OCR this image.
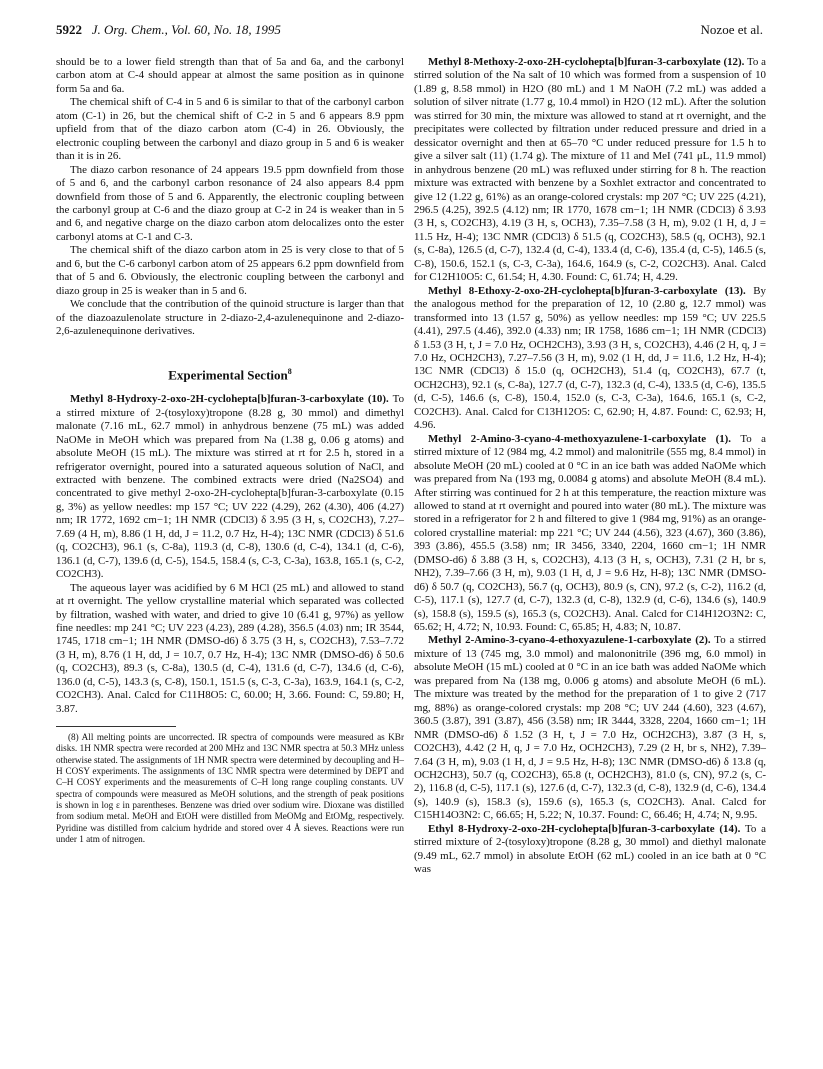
5922 J. Org. Chem., Vol. 60, No. 18, 1995	Nozoe et al.

should be to a lower field strength than that of 5a and 6a, and the carbonyl carbon atom at C-4 should appear at almost the same position as in quinone form 5a and 6a.

The chemical shift of C-4 in 5 and 6 is similar to that of the carbonyl carbon atom (C-1) in 26, but the chemical shift of C-2 in 5 and 6 appears 8.9 ppm upfield from that of the diazo carbon atom (C-4) in 26. Obviously, the electronic coupling between the carbonyl and diazo group in 5 and 6 is weaker than it is in 26.

The diazo carbon resonance of 24 appears 19.5 ppm downfield from those of 5 and 6, and the carbonyl carbon resonance of 24 also appears 8.4 ppm downfield from those of 5 and 6. Apparently, the electronic coupling between the carbonyl group at C-6 and the diazo group at C-2 in 24 is weaker than in 5 and 6, and negative charge on the diazo carbon atom delocalizes onto the ester carbonyl atoms at C-1 and C-3.

The chemical shift of the diazo carbon atom in 25 is very close to that of 5 and 6, but the C-6 carbonyl carbon atom of 25 appears 6.2 ppm downfield from that of 5 and 6. Obviously, the electronic coupling between the carbonyl and diazo group in 25 is weaker than in 5 and 6.

We conclude that the contribution of the quinoid structure is larger than that of the diazoazulenolate structure in 2-diazo-2,4-azulenequinone and 2-diazo-2,6-azulenequinone derivatives.

Experimental Section$^8$

Methyl 8-Hydroxy-2-oxo-2H-cyclohepta[b]furan-3-carboxylate (10). To a stirred mixture of 2-(tosyloxy)tropone (8.28 g, 30 mmol) and dimethyl malonate (7.16 mL, 62.7 mmol) in anhydrous benzene (75 mL) was added NaOMe in MeOH which was prepared from Na (1.38 g, 0.06 g atoms) and absolute MeOH (15 mL). The mixture was stirred at rt for 2.5 h, stored in a refrigerator overnight, poured into a saturated aqueous solution of NaCl, and extracted with benzene. The combined extracts were dried (Na2SO4) and concentrated to give methyl 2-oxo-2H-cyclohepta[b]furan-3-carboxylate (0.15 g, 3%) as yellow needles: mp 157 °C; UV 222 (4.29), 262 (4.30), 406 (4.27) nm; IR 1772, 1692 cm−1; 1H NMR (CDCl3) δ 3.95 (3 H, s, CO2CH3), 7.27–7.69 (4 H, m), 8.86 (1 H, dd, J = 11.2, 0.7 Hz, H-4); 13C NMR (CDCl3) δ 51.6 (q, CO2CH3), 96.1 (s, C-8a), 119.3 (d, C-8), 130.6 (d, C-4), 134.1 (d, C-6), 136.1 (d, C-7), 139.6 (d, C-5), 154.5, 158.4 (s, C-3, C-3a), 163.8, 165.1 (s, C-2, CO2CH3).

The aqueous layer was acidified by 6 M HCl (25 mL) and allowed to stand at rt overnight. The yellow crystalline material which separated was collected by filtration, washed with water, and dried to give 10 (6.41 g, 97%) as yellow fine needles: mp 241 °C; UV 223 (4.23), 289 (4.28), 356.5 (4.03) nm; IR 3544, 1745, 1718 cm−1; 1H NMR (DMSO-d6) δ 3.75 (3 H, s, CO2CH3), 7.53–7.72 (3 H, m), 8.76 (1 H, dd, J = 10.7, 0.7 Hz, H-4); 13C NMR (DMSO-d6) δ 50.6 (q, CO2CH3), 89.3 (s, C-8a), 130.5 (d, C-4), 131.6 (d, C-7), 134.6 (d, C-6), 136.0 (d, C-5), 143.3 (s, C-8), 150.1, 151.5 (s, C-3, C-3a), 163.9, 164.1 (s, C-2, CO2CH3). Anal. Calcd for C11H8O5: C, 60.00; H, 3.66. Found: C, 59.80; H, 3.87.

(8) All melting points are uncorrected. IR spectra of compounds were measured as KBr disks. 1H NMR spectra were recorded at 200 MHz and 13C NMR spectra at 50.3 MHz unless otherwise stated. The assignments of 1H NMR spectra were determined by decoupling and H–H COSY experiments. The assignments of 13C NMR spectra were determined by DEPT and C–H COSY experiments and the measurements of C–H long range coupling constants. UV spectra of compounds were measured as MeOH solutions, and the strength of peak positions is shown in log ε in parentheses. Benzene was dried over sodium wire. Dioxane was distilled from sodium metal. MeOH and EtOH were distilled from MeOMg and EtOMg, respectively. Pyridine was distilled from calcium hydride and stored over 4 Å sieves. Reactions were run under 1 atm of nitrogen.

Methyl 8-Methoxy-2-oxo-2H-cyclohepta[b]furan-3-carboxylate (12). To a stirred solution of the Na salt of 10 which was formed from a suspension of 10 (1.89 g, 8.58 mmol) in H2O (80 mL) and 1 M NaOH (7.2 mL) was added a solution of silver nitrate (1.77 g, 10.4 mmol) in H2O (12 mL). After the solution was stirred for 30 min, the mixture was allowed to stand at rt overnight, and the precipitates were collected by filtration under reduced pressure and dried in a dessicator overnight and then at 65–70 °C under reduced pressure for 1.5 h to give a silver salt (11) (1.74 g). The mixture of 11 and MeI (741 μL, 11.9 mmol) in anhydrous benzene (20 mL) was refluxed under stirring for 8 h. The reaction mixture was extracted with benzene by a Soxhlet extractor and concentrated to give 12 (1.22 g, 61%) as an orange-colored crystals: mp 207 °C; UV 225 (4.21), 296.5 (4.25), 392.5 (4.12) nm; IR 1770, 1678 cm−1; 1H NMR (CDCl3) δ 3.93 (3 H, s, CO2CH3), 4.19 (3 H, s, OCH3), 7.35–7.58 (3 H, m), 9.02 (1 H, d, J = 11.5 Hz, H-4); 13C NMR (CDCl3) δ 51.5 (q, CO2CH3), 58.5 (q, OCH3), 92.1 (s, C-8a), 126.5 (d, C-7), 132.4 (d, C-4), 133.4 (d, C-6), 135.4 (d, C-5), 146.5 (s, C-8), 150.6, 152.1 (s, C-3, C-3a), 164.6, 164.9 (s, C-2, CO2CH3). Anal. Calcd for C12H10O5: C, 61.54; H, 4.30. Found: C, 61.74; H, 4.29.

Methyl 8-Ethoxy-2-oxo-2H-cyclohepta[b]furan-3-carboxylate (13). By the analogous method for the preparation of 12, 10 (2.80 g, 12.7 mmol) was transformed into 13 (1.57 g, 50%) as yellow needles: mp 159 °C; UV 225.5 (4.41), 297.5 (4.46), 392.0 (4.33) nm; IR 1758, 1686 cm−1; 1H NMR (CDCl3) δ 1.53 (3 H, t, J = 7.0 Hz, OCH2CH3), 3.93 (3 H, s, CO2CH3), 4.46 (2 H, q, J = 7.0 Hz, OCH2CH3), 7.27–7.56 (3 H, m), 9.02 (1 H, dd, J = 11.6, 1.2 Hz, H-4); 13C NMR (CDCl3) δ 15.0 (q, OCH2CH3), 51.4 (q, CO2CH3), 67.7 (t, OCH2CH3), 92.1 (s, C-8a), 127.7 (d, C-7), 132.3 (d, C-4), 133.5 (d, C-6), 135.5 (d, C-5), 146.6 (s, C-8), 150.4, 152.0 (s, C-3, C-3a), 164.6, 165.1 (s, C-2, CO2CH3). Anal. Calcd for C13H12O5: C, 62.90; H, 4.87. Found: C, 62.93; H, 4.96.

Methyl 2-Amino-3-cyano-4-methoxyazulene-1-carboxylate (1). To a stirred mixture of 12 (984 mg, 4.2 mmol) and malonitrile (555 mg, 8.4 mmol) in absolute MeOH (20 mL) cooled at 0 °C in an ice bath was added NaOMe which was prepared from Na (193 mg, 0.0084 g atoms) and absolute MeOH (8.4 mL). After stirring was continued for 2 h at this temperature, the reaction mixture was allowed to stand at rt overnight and poured into water (80 mL). The mixture was stored in a refrigerator for 2 h and filtered to give 1 (984 mg, 91%) as an orange-colored crystalline material: mp 221 °C; UV 244 (4.56), 323 (4.67), 360 (3.86), 393 (3.86), 455.5 (3.58) nm; IR 3456, 3340, 2204, 1660 cm−1; 1H NMR (DMSO-d6) δ 3.88 (3 H, s, CO2CH3), 4.13 (3 H, s, OCH3), 7.31 (2 H, br s, NH2), 7.39–7.66 (3 H, m), 9.03 (1 H, d, J = 9.6 Hz, H-8); 13C NMR (DMSO-d6) δ 50.7 (q, CO2CH3), 56.7 (q, OCH3), 80.9 (s, CN), 97.2 (s, C-2), 116.2 (d, C-5), 117.1 (s), 127.7 (d, C-7), 132.3 (d, C-8), 132.9 (d, C-6), 134.6 (s), 140.9 (s), 158.8 (s), 159.5 (s), 165.3 (s, CO2CH3). Anal. Calcd for C14H12O3N2: C, 65.62; H, 4.72; N, 10.93. Found: C, 65.85; H, 4.83; N, 10.87.

Methyl 2-Amino-3-cyano-4-ethoxyazulene-1-carboxylate (2). To a stirred mixture of 13 (745 mg, 3.0 mmol) and malononitrile (396 mg, 6.0 mmol) in absolute MeOH (15 mL) cooled at 0 °C in an ice bath was added NaOMe which was prepared from Na (138 mg, 0.006 g atoms) and absolute MeOH (6 mL). The mixture was treated by the method for the preparation of 1 to give 2 (717 mg, 88%) as orange-colored crystals: mp 208 °C; UV 244 (4.60), 323 (4.67), 360.5 (3.87), 391 (3.87), 456 (3.58) nm; IR 3444, 3328, 2204, 1660 cm−1; 1H NMR (DMSO-d6) δ 1.52 (3 H, t, J = 7.0 Hz, OCH2CH3), 3.87 (3 H, s, CO2CH3), 4.42 (2 H, q, J = 7.0 Hz, OCH2CH3), 7.29 (2 H, br s, NH2), 7.39–7.64 (3 H, m), 9.03 (1 H, d, J = 9.5 Hz, H-8); 13C NMR (DMSO-d6) δ 13.8 (q, OCH2CH3), 50.7 (q, CO2CH3), 65.8 (t, OCH2CH3), 81.0 (s, CN), 97.2 (s, C-2), 116.8 (d, C-5), 117.1 (s), 127.6 (d, C-7), 132.3 (d, C-8), 132.9 (d, C-6), 134.4 (s), 140.9 (s), 158.3 (s), 159.6 (s), 165.3 (s, CO2CH3). Anal. Calcd for C15H14O3N2: C, 66.65; H, 5.22; N, 10.37. Found: C, 66.46; H, 4.74; N, 9.95.

Ethyl 8-Hydroxy-2-oxo-2H-cyclohepta[b]furan-3-carboxylate (14). To a stirred mixture of 2-(tosyloxy)tropone (8.28 g, 30 mmol) and diethyl malonate (9.49 mL, 62.7 mmol) in absolute EtOH (62 mL) cooled in an ice bath at 0 °C was
